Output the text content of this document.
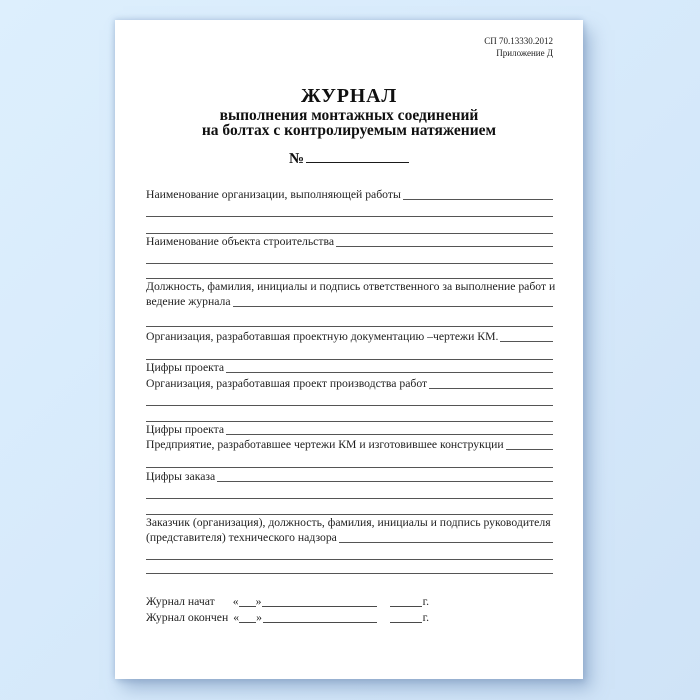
СП 70.13330.2012
Приложение Д
ЖУРНАЛ
выполнения монтажных соединений
на болтах с контролируемым натяжением
№
Наименование организации, выполняющей работы
Наименование объекта строительства
Должность, фамилия, инициалы и подпись ответственного за выполнение работ и
ведение журнала
Организация, разработавшая проектную документацию –чертежи КМ.
Цифры проекта
Организация, разработавшая проект производства работ
Цифры проекта
Предприятие, разработавшее чертежи КМ и изготовившее конструкции
Цифры заказа
Заказчик (организация), должность, фамилия, инициалы и подпись руководителя
(представителя) технического надзора
Журнал начат « »	г.
Журнал окончен « »	г.
